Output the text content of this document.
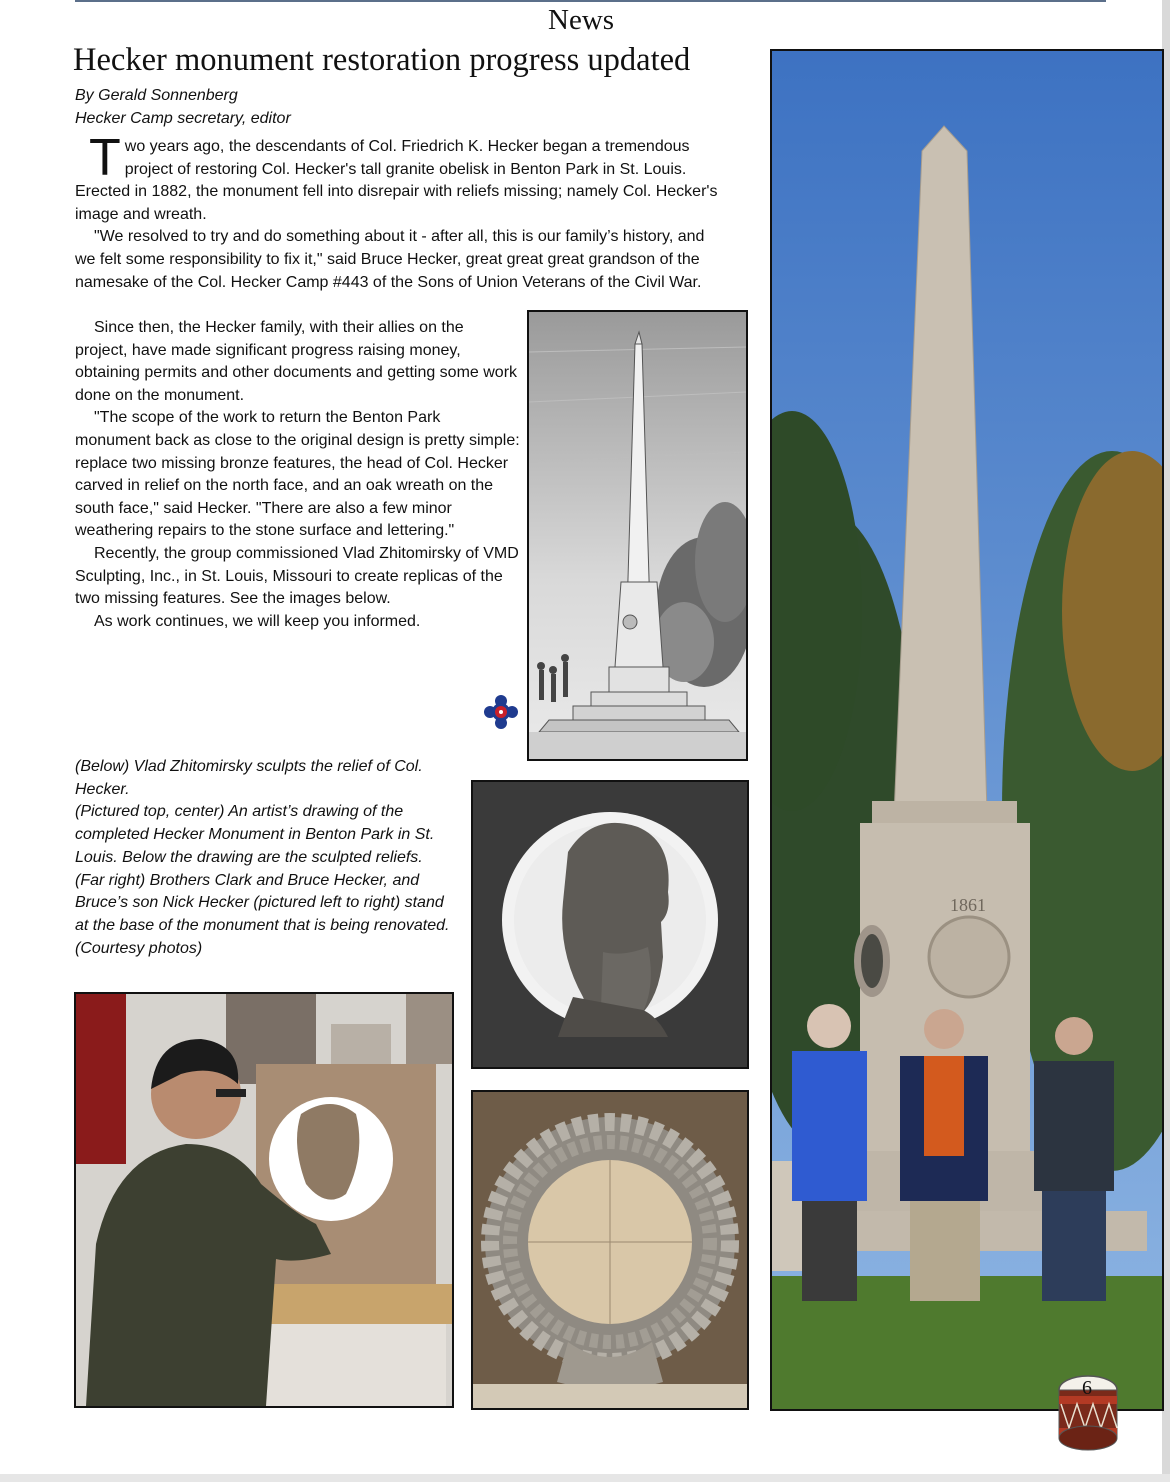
News
Hecker monument restoration progress updated
By Gerald Sonnenberg
Hecker Camp secretary, editor

Two years ago, the descendants of Col. Friedrich K. Hecker began a tremendous project of restoring Col. Hecker's tall granite obelisk in Benton Park in St. Louis. Erected in 1882, the monument fell into disrepair with reliefs missing; namely Col. Hecker's image and wreath.

"We resolved to try and do something about it - after all, this is our family’s history, and we felt some responsibility to fix it," said Bruce Hecker, great great great grandson of the namesake of the Col. Hecker Camp #443 of the Sons of Union Veterans of the Civil War.

Since then, the Hecker family, with their allies on the project, have made significant progress raising money, obtaining permits and other documents and getting some work done on the monument.

"The scope of the work to return the Benton Park monument back as close to the original design is pretty simple: replace two missing bronze features, the head of Col. Hecker carved in relief on the north face, and an oak wreath on the south face," said Hecker. "There are also a few minor weathering repairs to the stone surface and lettering."

Recently, the group commissioned Vlad Zhitomirsky of VMD Sculpting, Inc., in St. Louis, Missouri to create replicas of the two missing features. See the images below.

As work continues, we will keep you informed.

(Below) Vlad Zhitomirsky sculpts the relief of Col. Hecker.

(Pictured top, center) An artist’s drawing of the completed Hecker Monument in Benton Park in St. Louis. Below the drawing are the sculpted reliefs.

(Far right) Brothers Clark and Bruce Hecker, and Bruce’s son Nick Hecker (pictured left to right) stand at the base of the monument that is being renovated. (Courtesy photos)

1861
6
